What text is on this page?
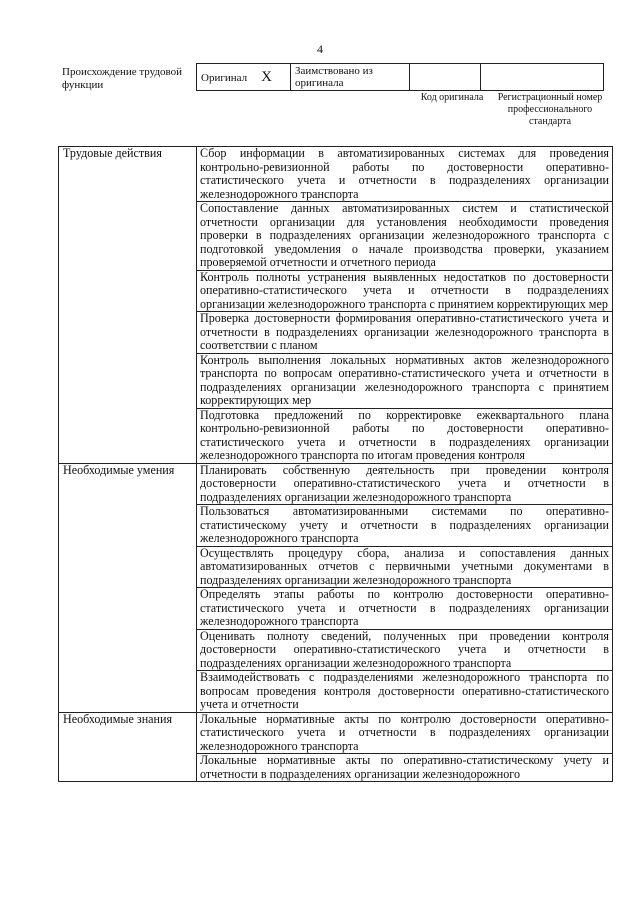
4
Происхождение трудовой функции
Оригинал X	Заимствовано из оригинала

Код оригинала	Регистрационный номер профессионального стандарта
Трудовые действия	Сбор информации в автоматизированных системах для проведения контрольно-ревизионной работы по достоверности оперативно-статистического учета и отчетности в подразделениях организации железнодорожного транспорта
	Сопоставление данных автоматизированных систем и статистической отчетности организации для установления необходимости проведения проверки в подразделениях организации железнодорожного транспорта с подготовкой уведомления о начале производства проверки, указанием проверяемой отчетности и отчетного периода
	Контроль полноты устранения выявленных недостатков по достоверности оперативно-статистического учета и отчетности в подразделениях организации железнодорожного транспорта с принятием корректирующих мер
	Проверка достоверности формирования оперативно-статистического учета и отчетности в подразделениях организации железнодорожного транспорта в соответствии с планом
	Контроль выполнения локальных нормативных актов железнодорожного транспорта по вопросам оперативно-статистического учета и отчетности в подразделениях организации железнодорожного транспорта с принятием корректирующих мер
	Подготовка предложений по корректировке ежеквартального плана контрольно-ревизионной работы по достоверности оперативно-статистического учета и отчетности в подразделениях организации железнодорожного транспорта по итогам проведения контроля
Необходимые умения	Планировать собственную деятельность при проведении контроля достоверности оперативно-статистического учета и отчетности в подразделениях организации железнодорожного транспорта
	Пользоваться автоматизированными системами по оперативно-статистическому учету и отчетности в подразделениях организации железнодорожного транспорта
	Осуществлять процедуру сбора, анализа и сопоставления данных автоматизированных отчетов с первичными учетными документами в подразделениях организации железнодорожного транспорта
	Определять этапы работы по контролю достоверности оперативно-статистического учета и отчетности в подразделениях организации железнодорожного транспорта
	Оценивать полноту сведений, полученных при проведении контроля достоверности оперативно-статистического учета и отчетности в подразделениях организации железнодорожного транспорта
	Взаимодействовать с подразделениями железнодорожного транспорта по вопросам проведения контроля достоверности оперативно-статистического учета и отчетности
Необходимые знания	Локальные нормативные акты по контролю достоверности оперативно-статистического учета и отчетности в подразделениях организации железнодорожного транспорта
	Локальные нормативные акты по оперативно-статистическому учету и отчетности в подразделениях организации железнодорожного
